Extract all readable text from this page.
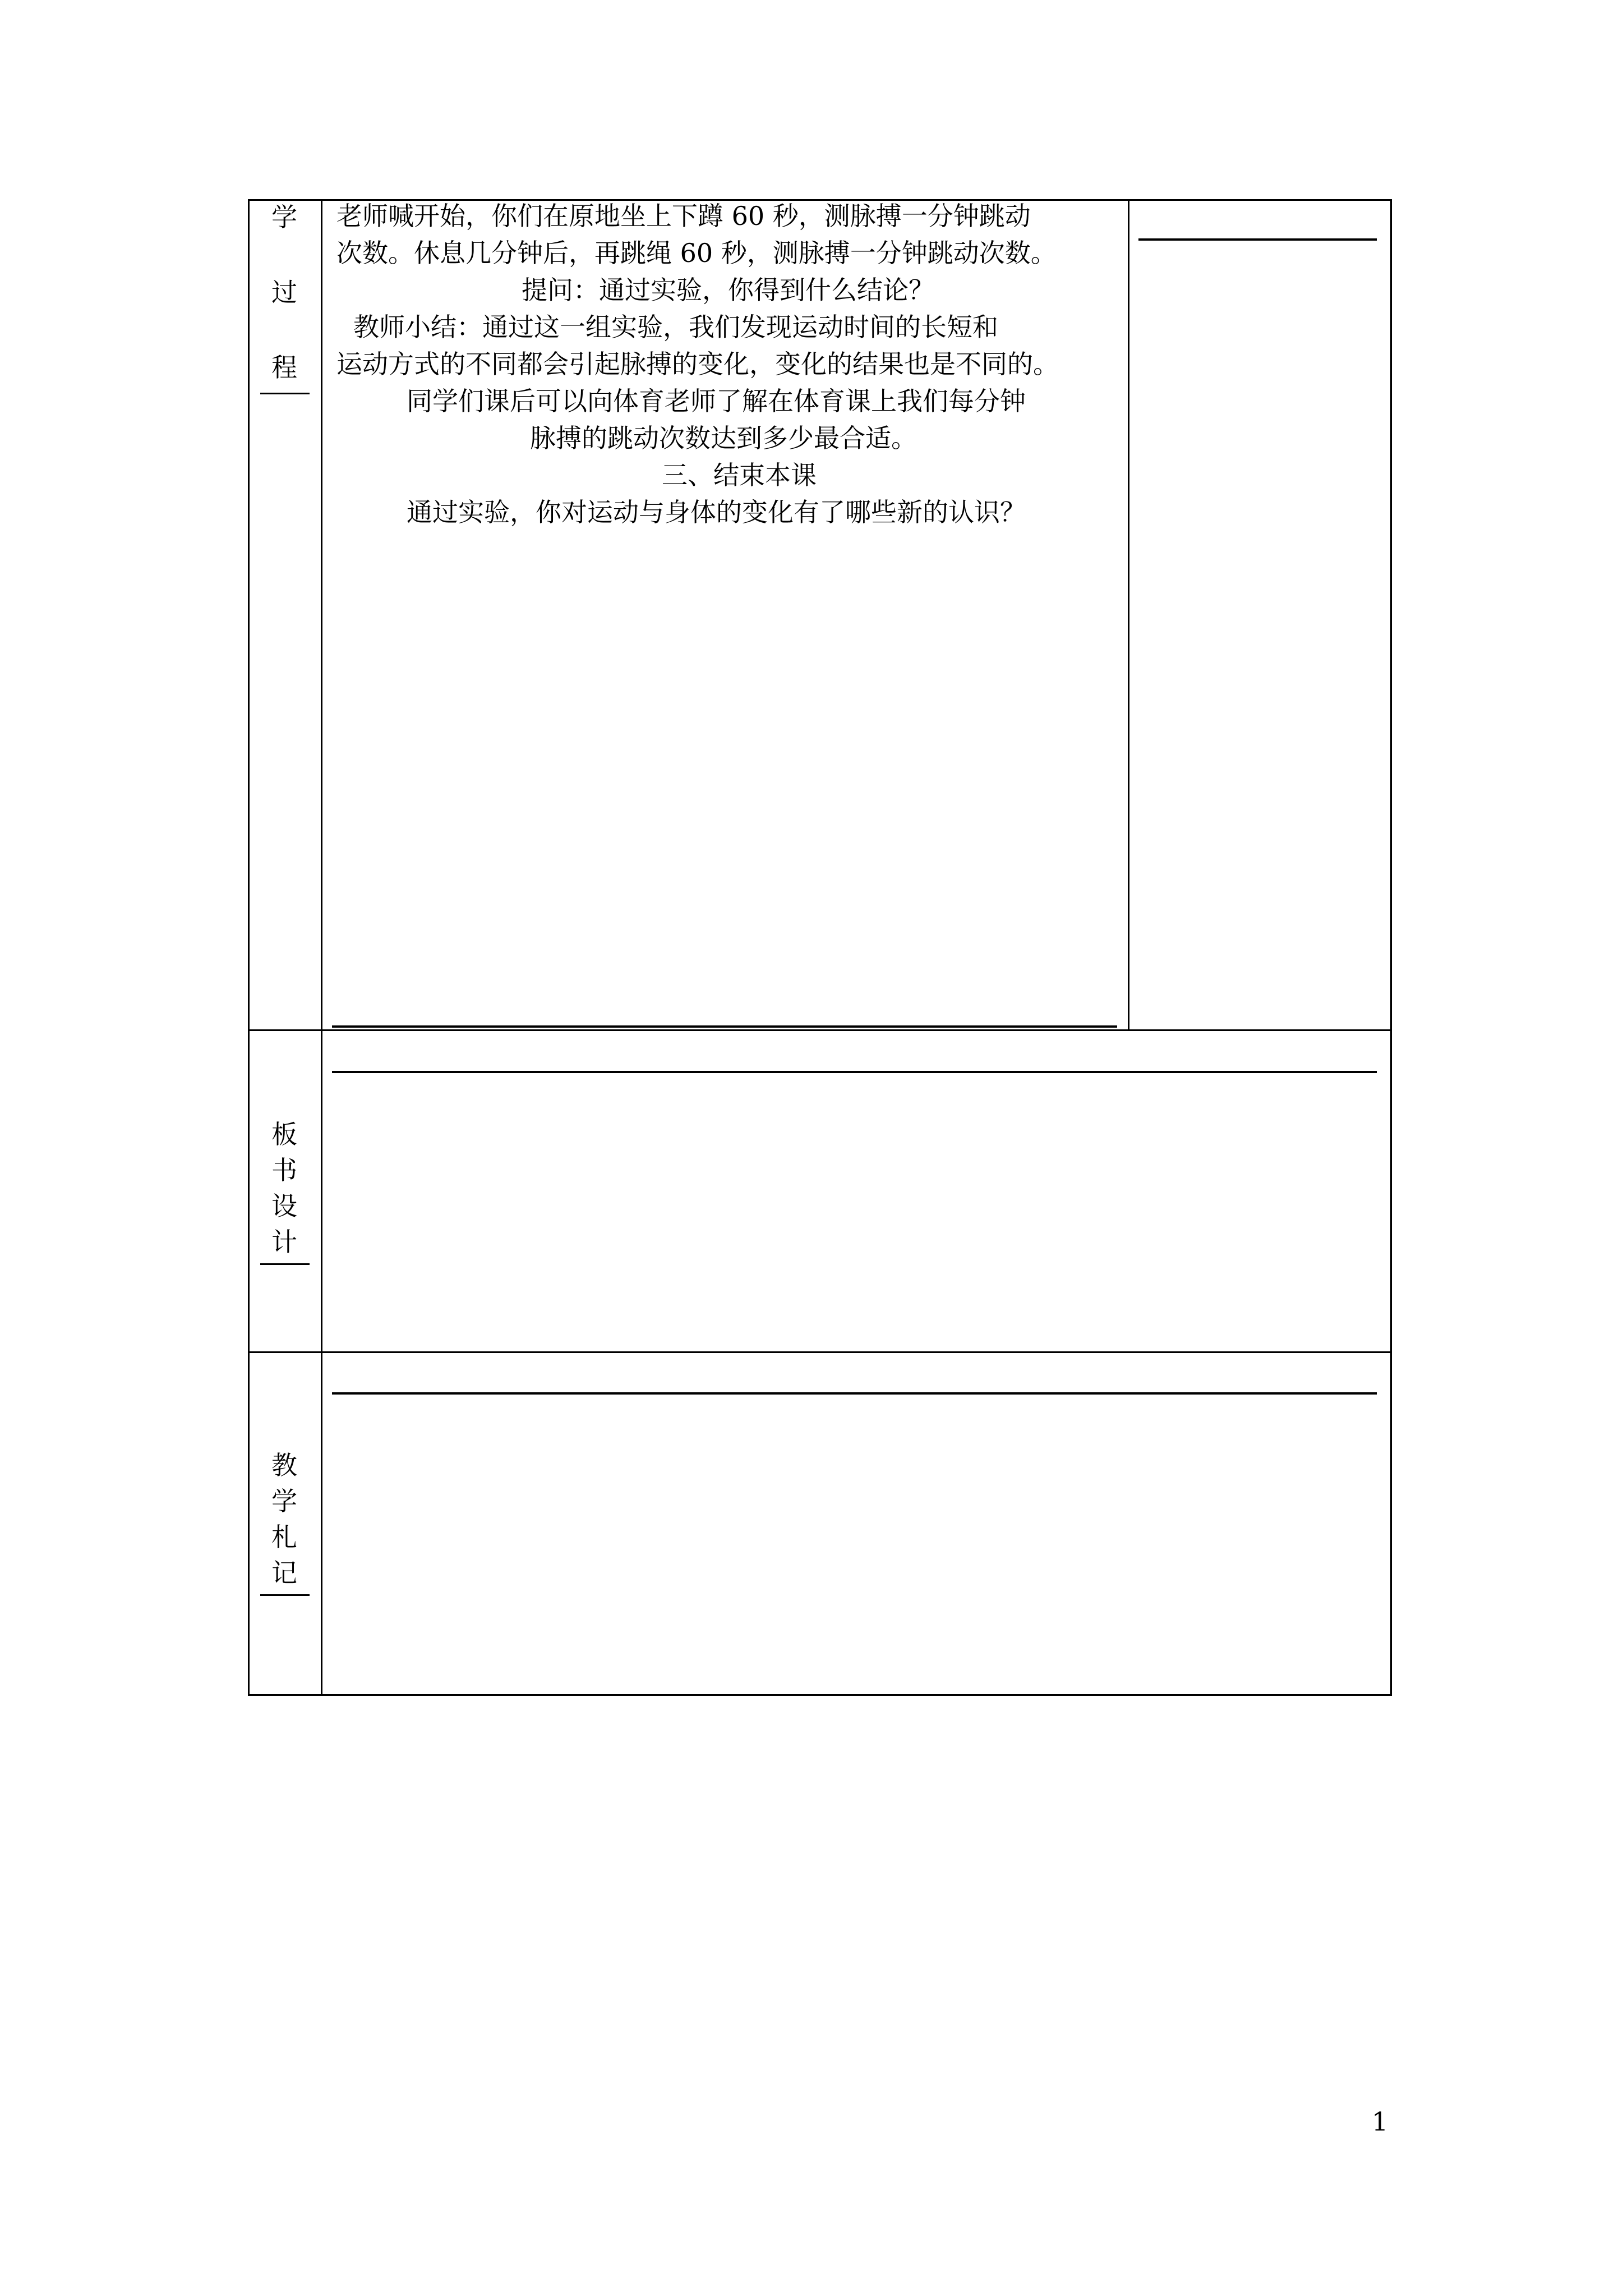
学
过
程

老师喊开始，你们在原地坐上下蹲 60 秒，测脉搏一分钟跳动

次数。休息几分钟后，再跳绳 60 秒，测脉搏一分钟跳动次数。

提问：通过实验，你得到什么结论？

教师小结：通过这一组实验，我们发现运动时间的长短和

运动方式的不同都会引起脉搏的变化，变化的结果也是不同的。

同学们课后可以向体育老师了解在体育课上我们每分钟

脉搏的跳动次数达到多少最合适。

三、结束本课

通过实验，你对运动与身体的变化有了哪些新的认识？

板
书
设
计
教
学
札
记
1
